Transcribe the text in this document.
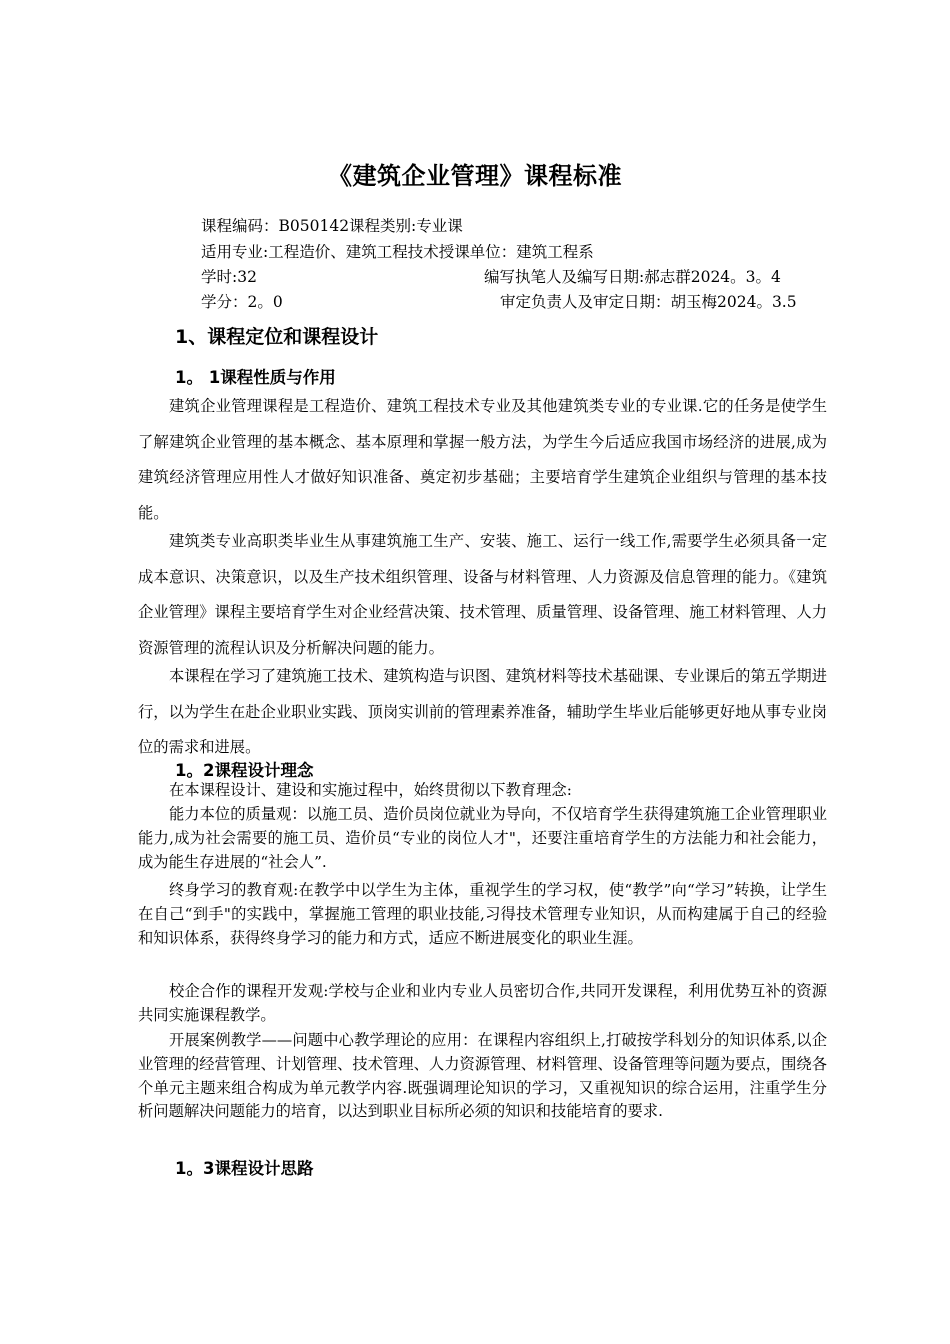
《建筑企业管理》课程标准
课程编码：B050142课程类别:专业课
适用专业:工程造价、建筑工程技术授课单位：建筑工程系
学时:32	编写执笔人及编写日期:郝志群2024。3。4
学分：2。0	审定负责人及审定日期：胡玉梅2024。3.5
1、课程定位和课程设计
1。 1课程性质与作用

建筑企业管理课程是工程造价、建筑工程技术专业及其他建筑类专业的专业课.它的任务是使学生了解建筑企业管理的基本概念、基本原理和掌握一般方法，为学生今后适应我国市场经济的进展,成为建筑经济管理应用性人才做好知识准备、奠定初步基础；主要培育学生建筑企业组织与管理的基本技能。

建筑类专业高职类毕业生从事建筑施工生产、安装、施工、运行一线工作,需要学生必须具备一定成本意识、决策意识，以及生产技术组织管理、设备与材料管理、人力资源及信息管理的能力。《建筑企业管理》课程主要培育学生对企业经营决策、技术管理、质量管理、设备管理、施工材料管理、人力资源管理的流程认识及分析解决问题的能力。

本课程在学习了建筑施工技术、建筑构造与识图、建筑材料等技术基础课、专业课后的第五学期进行，以为学生在赴企业职业实践、顶岗实训前的管理素养准备，辅助学生毕业后能够更好地从事专业岗位的需求和进展。

1。2课程设计理念

在本课程设计、建设和实施过程中，始终贯彻以下教育理念:

能力本位的质量观：以施工员、造价员岗位就业为导向，不仅培育学生获得建筑施工企业管理职业能力,成为社会需要的施工员、造价员“专业的岗位人才"，还要注重培育学生的方法能力和社会能力，成为能生存进展的“社会人”.

终身学习的教育观:在教学中以学生为主体，重视学生的学习权，使“教学”向“学习”转换，让学生在自己“到手"的实践中，掌握施工管理的职业技能,习得技术管理专业知识，从而构建属于自己的经验和知识体系，获得终身学习的能力和方式，适应不断进展变化的职业生涯。

校企合作的课程开发观:学校与企业和业内专业人员密切合作,共同开发课程，利用优势互补的资源共同实施课程教学。

开展案例教学——问题中心教学理论的应用：在课程内容组织上,打破按学科划分的知识体系,以企业管理的经营管理、计划管理、技术管理、人力资源管理、材料管理、设备管理等问题为要点，围绕各个单元主题来组合构成为单元教学内容.既强调理论知识的学习，又重视知识的综合运用，注重学生分析问题解决问题能力的培育，以达到职业目标所必须的知识和技能培育的要求.

1。3课程设计思路
